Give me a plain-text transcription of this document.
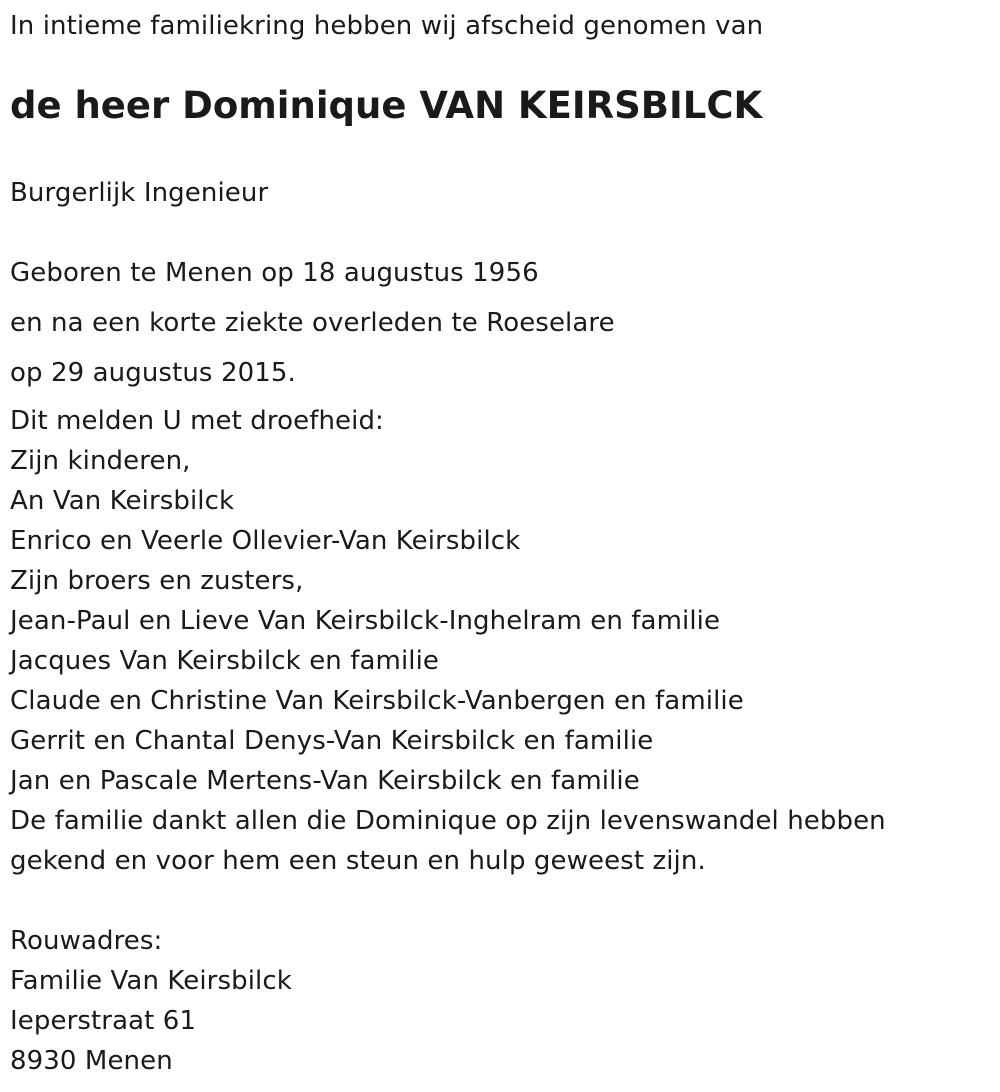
In intieme familiekring hebben wij afscheid genomen van
de heer Dominique VAN KEIRSBILCK
Burgerlijk Ingenieur
Geboren te Menen op 18 augustus 1956
en na een korte ziekte overleden te Roeselare
op 29 augustus 2015.
Dit melden U met droefheid:
Zijn kinderen,
An Van Keirsbilck
Enrico en Veerle Ollevier-Van Keirsbilck
Zijn broers en zusters,
Jean-Paul en Lieve Van Keirsbilck-Inghelram en familie
Jacques Van Keirsbilck en familie
Claude en Christine Van Keirsbilck-Vanbergen en familie
Gerrit en Chantal Denys-Van Keirsbilck en familie
Jan en Pascale Mertens-Van Keirsbilck en familie
De familie dankt allen die Dominique op zijn levenswandel hebben
gekend en voor hem een steun en hulp geweest zijn.
Rouwadres:
Familie Van Keirsbilck
Ieperstraat 61
8930 Menen
